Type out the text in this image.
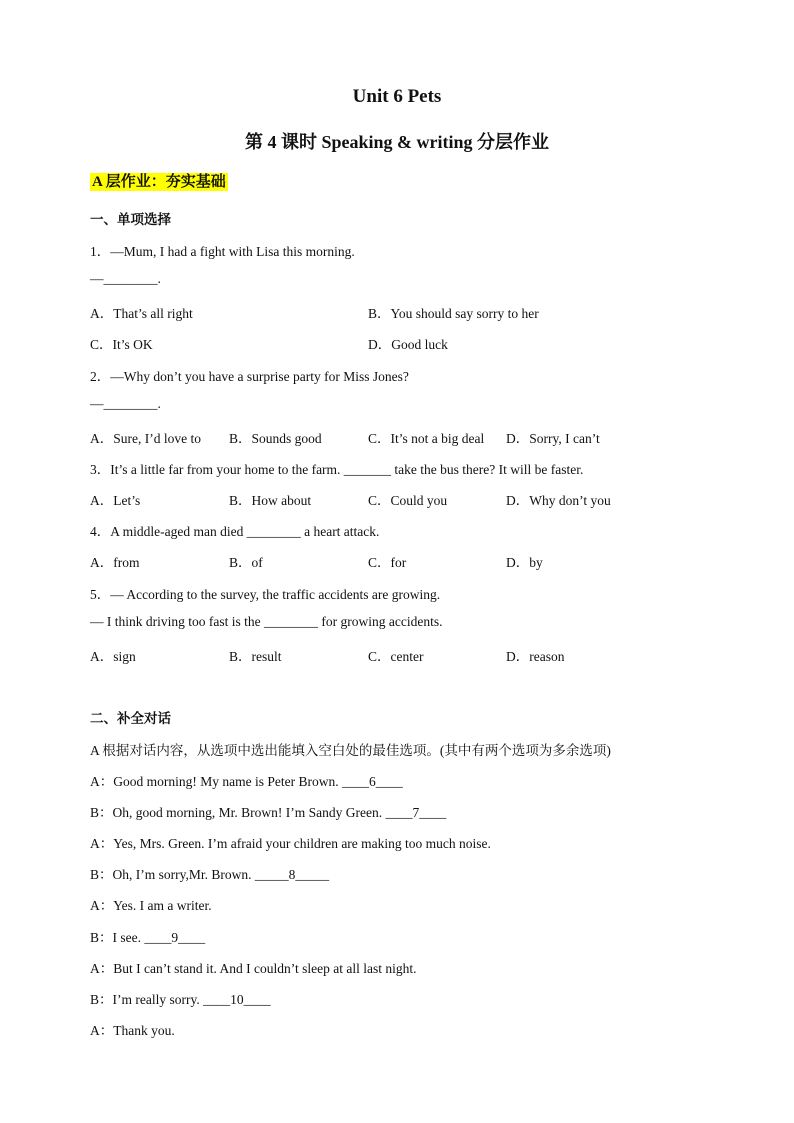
Unit 6 Pets
第 4 课时 Speaking & writing 分层作业
A 层作业：夯实基础
一、单项选择
1．—Mum, I had a fight with Lisa this morning.
—________.
A．That’s all right	B．You should say sorry to her
C．It’s OK	D．Good luck
2．—Why don’t you have a surprise party for Miss Jones?
—________.
A．Sure, I’d love to B．Sounds good	C．It’s not a big deal D．Sorry, I can’t
3．It’s a little far from your home to the farm. _______ take the bus there? It will be faster.
A．Let’s	B．How about	C．Could you	D．Why don’t you
4．A middle-aged man died ________ a heart attack.
A．from	B．of	C．for	D．by
5．— According to the survey, the traffic accidents are growing.
— I think driving too fast is the ________ for growing accidents.
A．sign	B．result	C．center	D．reason
二、补全对话
A 根据对话内容，从选项中选出能填入空白处的最佳选项。(其中有两个选项为多余选项)
A：Good morning! My name is Peter Brown. ____6____
B：Oh, good morning, Mr. Brown! I’m Sandy Green. ____7____
A：Yes, Mrs. Green. I’m afraid your children are making too much noise.
B：Oh, I’m sorry,Mr. Brown. _____8_____
A：Yes. I am a writer.
B：I see. ____9____
A：But I can’t stand it. And I couldn’t sleep at all last night.
B：I’m really sorry. ____10____
A：Thank you.
